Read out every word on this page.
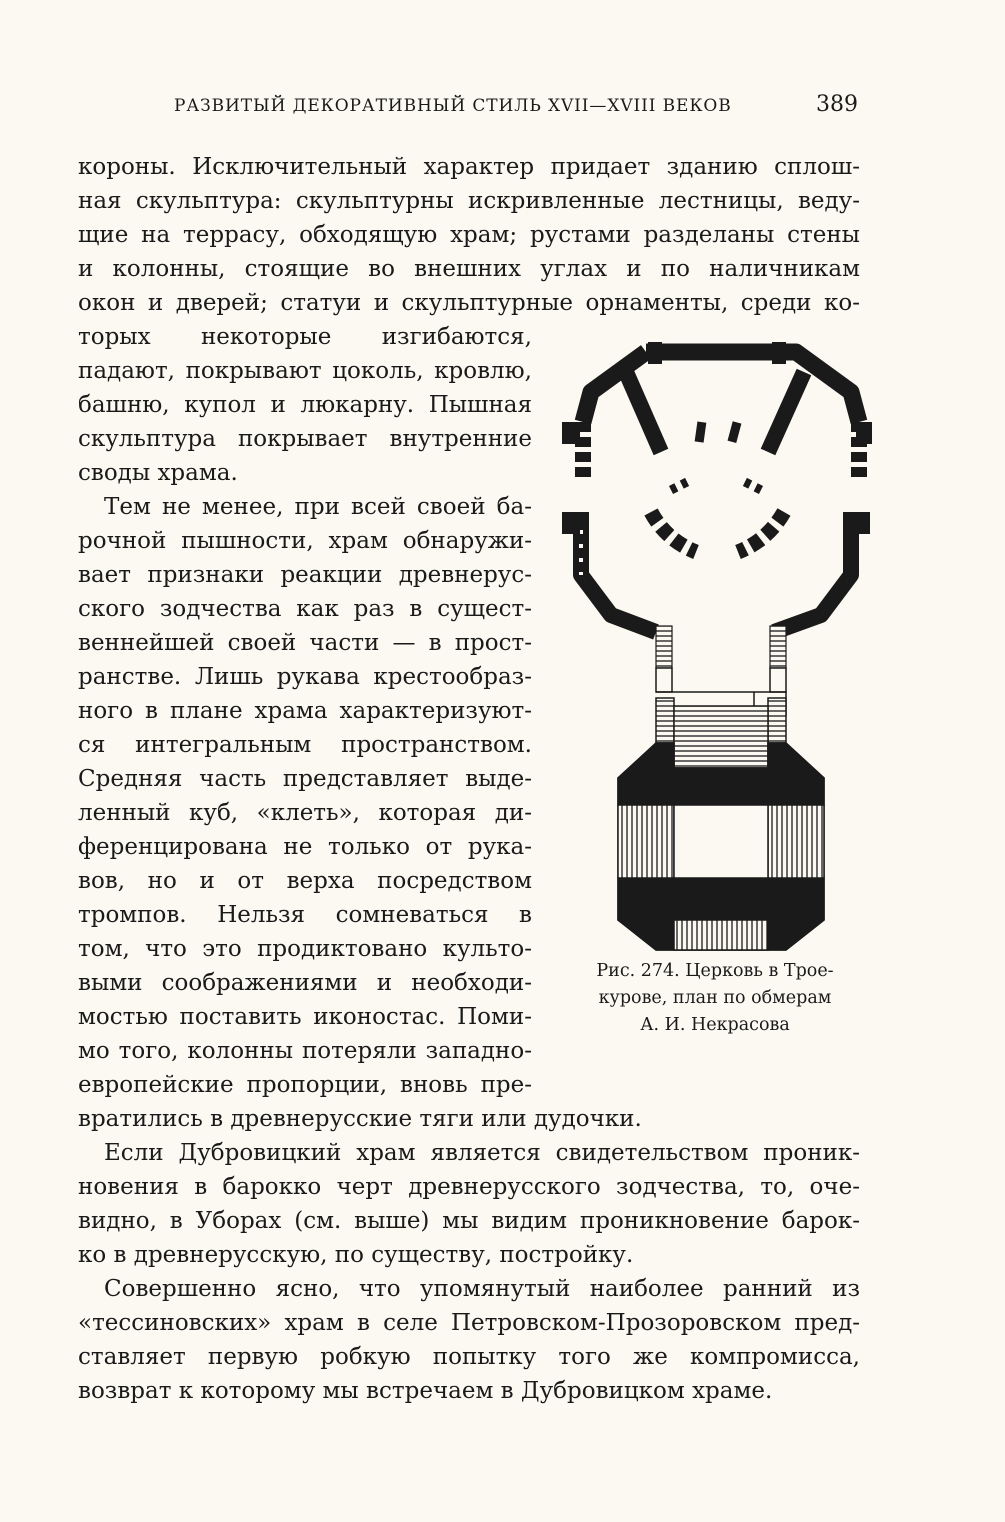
РАЗВИТЫЙ ДЕКОРАТИВНЫЙ СТИЛЬ XVII—XVIII ВЕКОВ	389
короны. Исключительный характер придает зданию сплош-
ная скульптура: скульптурны искривленные лестницы, веду-
щие на террасу, обходящую храм; рустами разделаны стены
и колонны, стоящие во внешних углах и по наличникам
окон и дверей; статуи и скульптурные орнаменты, среди ко-
торых некоторые изгибаются,
падают, покрывают цоколь, кровлю,
башню, купол и люкарну. Пышная
скульптура покрывает внутренние
своды храма.
Тем не менее, при всей своей ба-
рочной пышности, храм обнаружи-
вает признаки реакции древнерус-
ского зодчества как раз в сущест-
веннейшей своей части — в прост-
ранстве. Лишь рукава крестообраз-
ного в плане храма характеризуют-
ся интегральным пространством.
Средняя часть представляет выде-
ленный куб, «клеть», которая ди-
ференцирована не только от рука-
вов, но и от верха посредством
тромпов. Нельзя сомневаться в
том, что это продиктовано культо-
выми соображениями и необходи-
мостью поставить иконостас. Поми-
мо того, колонны потеряли западно-
европейские пропорции, вновь пре-
вратились в древнерусские тяги или дудочки.
Если Дубровицкий храм является свидетельством проник-
новения в барокко черт древнерусского зодчества, то, оче-
видно, в Уборах (см. выше) мы видим проникновение барок-
ко в древнерусскую, по существу, постройку.
Совершенно ясно, что упомянутый наиболее ранний из
«тессиновских» храм в селе Петровском-Прозоровском пред-
ставляет первую робкую попытку того же компромисса,
возврат к которому мы встречаем в Дубровицком храме.
Рис. 274. Церковь в Трое-
курове, план по обмерам
А. И. Некрасова
